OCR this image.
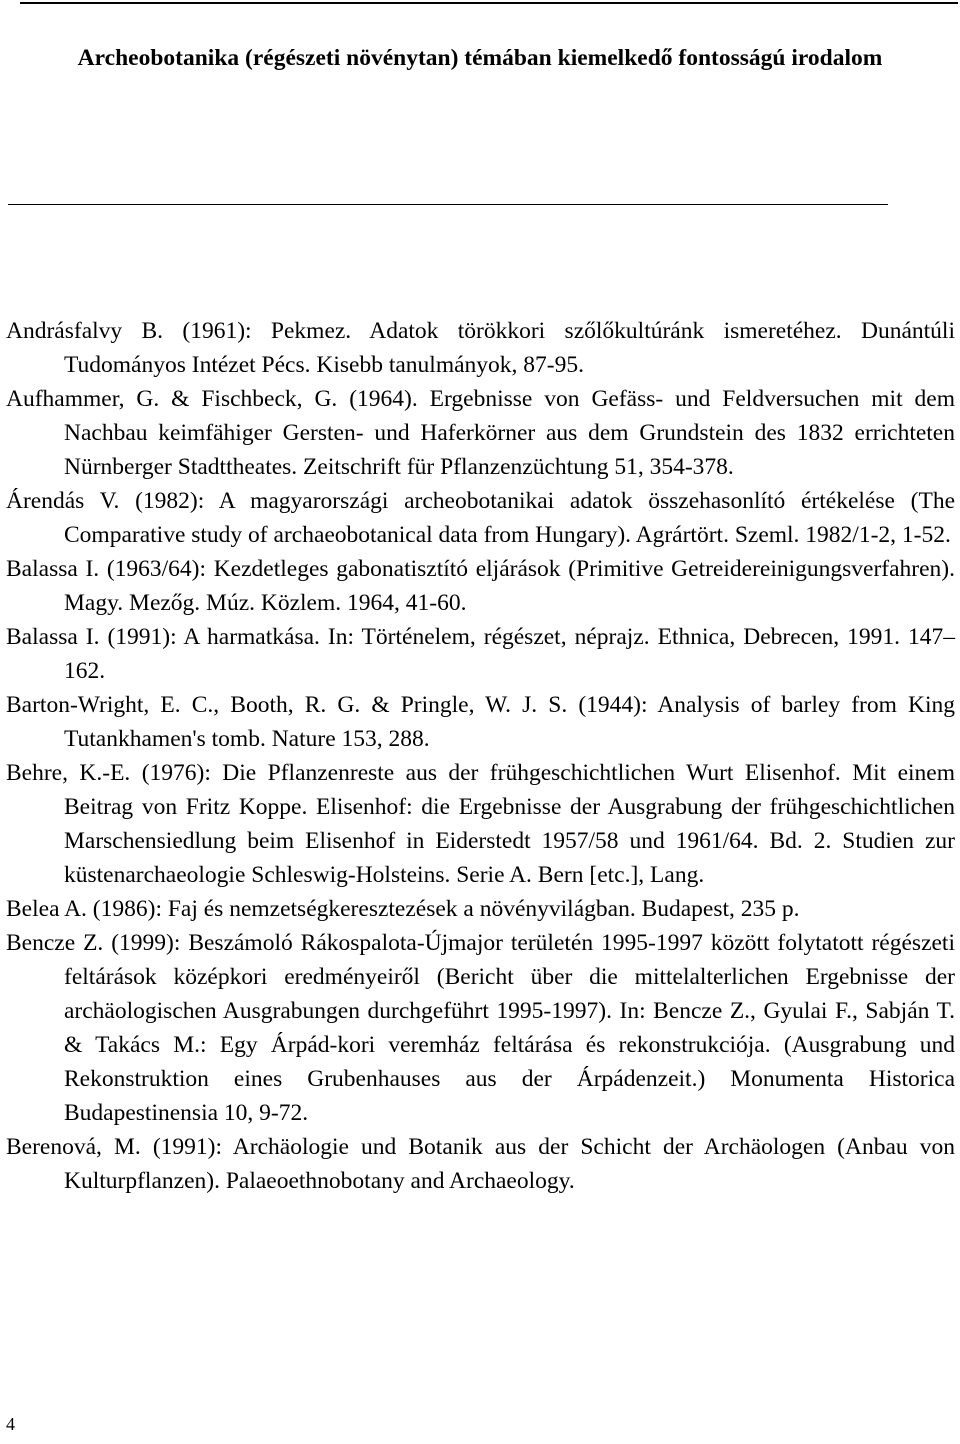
Archeobotanika (régészeti növénytan) témában kiemelkedő fontosságú irodalom
Andrásfalvy B. (1961): Pekmez. Adatok törökkori szőlőkultúránk ismeretéhez. Dunántúli Tudományos Intézet Pécs. Kisebb tanulmányok, 87-95.
Aufhammer, G. & Fischbeck, G. (1964). Ergebnisse von Gefäss- und Feldversuchen mit dem Nachbau keimfähiger Gersten- und Haferkörner aus dem Grundstein des 1832 errichteten Nürnberger Stadttheates. Zeitschrift für Pflanzenzüchtung 51, 354-378.
Árendás V. (1982): A magyarországi archeobotanikai adatok összehasonlító értékelése (The Comparative study of archaeobotanical data from Hungary). Agrártört. Szeml. 1982/1-2, 1-52.
Balassa I. (1963/64): Kezdetleges gabonatisztító eljárások (Primitive Getreidereinigungsverfahren). Magy. Mezőg. Múz. Közlem. 1964, 41-60.
Balassa I. (1991): A harmatkása. In: Történelem, régészet, néprajz. Ethnica, Debrecen, 1991. 147–162.
Barton-Wright, E. C., Booth, R. G. & Pringle, W. J. S. (1944): Analysis of barley from King Tutankhamen's tomb. Nature 153, 288.
Behre, K.-E. (1976): Die Pflanzenreste aus der frühgeschichtlichen Wurt Elisenhof. Mit einem Beitrag von Fritz Koppe. Elisenhof: die Ergebnisse der Ausgrabung der frühgeschichtlichen Marschensiedlung beim Elisenhof in Eiderstedt 1957/58 und 1961/64. Bd. 2. Studien zur küstenarchaeologie Schleswig-Holsteins. Serie A. Bern [etc.], Lang.
Belea A. (1986): Faj és nemzetségkeresztezések a növényvilágban. Budapest, 235 p.
Bencze Z. (1999): Beszámoló Rákospalota-Újmajor területén 1995-1997 között folytatott régészeti feltárások középkori eredményeiről (Bericht über die mittelalterlichen Ergebnisse der archäologischen Ausgrabungen durchgeführt 1995-1997). In: Bencze Z., Gyulai F., Sabján T. & Takács M.: Egy Árpád-kori veremház feltárása és rekonstrukciója. (Ausgrabung und Rekonstruktion eines Grubenhauses aus der Árpádenzeit.) Monumenta Historica Budapestinensia 10, 9-72.
Berenová, M. (1991): Archäologie und Botanik aus der Schicht der Archäologen (Anbau von Kulturpflanzen). Palaeoethnobotany and Archaeology.
4
